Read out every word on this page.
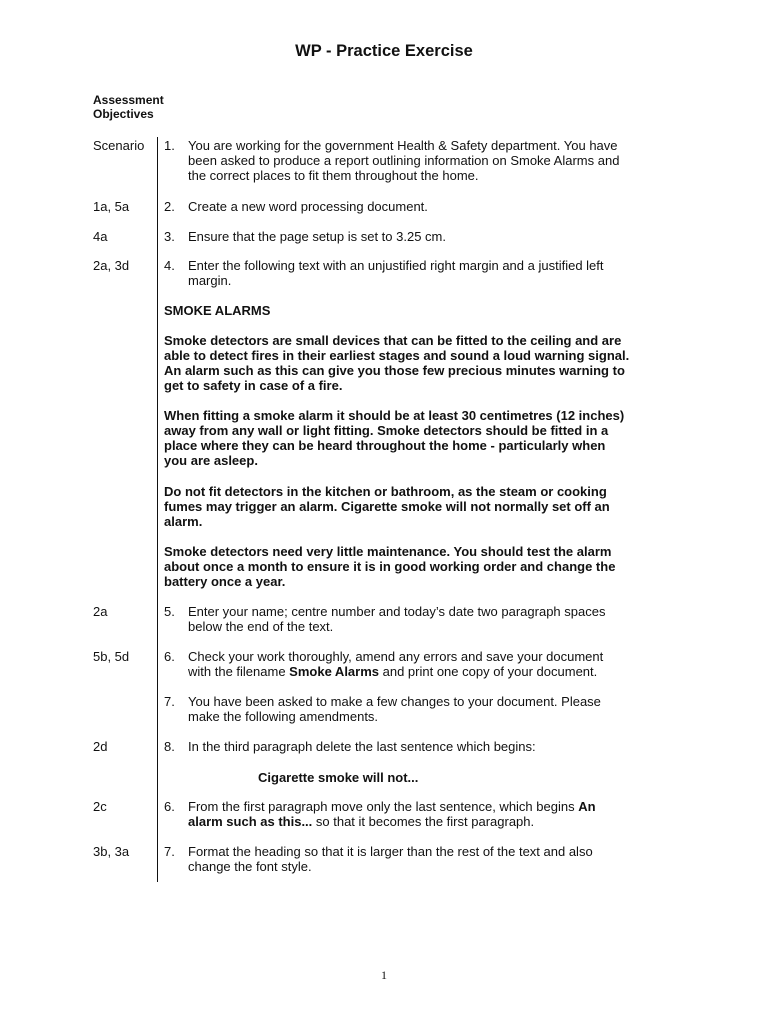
WP - Practice Exercise
Assessment
Objectives
Scenario 1. You are working for the government Health & Safety department. You have
been asked to produce a report outlining information on Smoke Alarms and
the correct places to fit them throughout the home.
1a, 5a	2. Create a new word processing document.
4a	3. Ensure that the page setup is set to 3.25 cm.
2a, 3d	4. Enter the following text with an unjustified right margin and a justified left
margin.
SMOKE ALARMS
Smoke detectors are small devices that can be fitted to the ceiling and are
able to detect fires in their earliest stages and sound a loud warning signal.
An alarm such as this can give you those few precious minutes warning to
get to safety in case of a fire.
When fitting a smoke alarm it should be at least 30 centimetres (12 inches)
away from any wall or light fitting. Smoke detectors should be fitted in a
place where they can be heard throughout the home - particularly when
you are asleep.
Do not fit detectors in the kitchen or bathroom, as the steam or cooking
fumes may trigger an alarm. Cigarette smoke will not normally set off an
alarm.
Smoke detectors need very little maintenance. You should test the alarm
about once a month to ensure it is in good working order and change the
battery once a year.
2a	5. Enter your name; centre number and today’s date two paragraph spaces
below the end of the text.
5b, 5d	6. Check your work thoroughly, amend any errors and save your document
with the filename Smoke Alarms and print one copy of your document.
7. You have been asked to make a few changes to your document. Please
make the following amendments.
2d	8. In the third paragraph delete the last sentence which begins:
Cigarette smoke will not...
2c	6. From the first paragraph move only the last sentence, which begins An
alarm such as this... so that it becomes the first paragraph.
3b, 3a	7. Format the heading so that it is larger than the rest of the text and also
change the font style.
1
